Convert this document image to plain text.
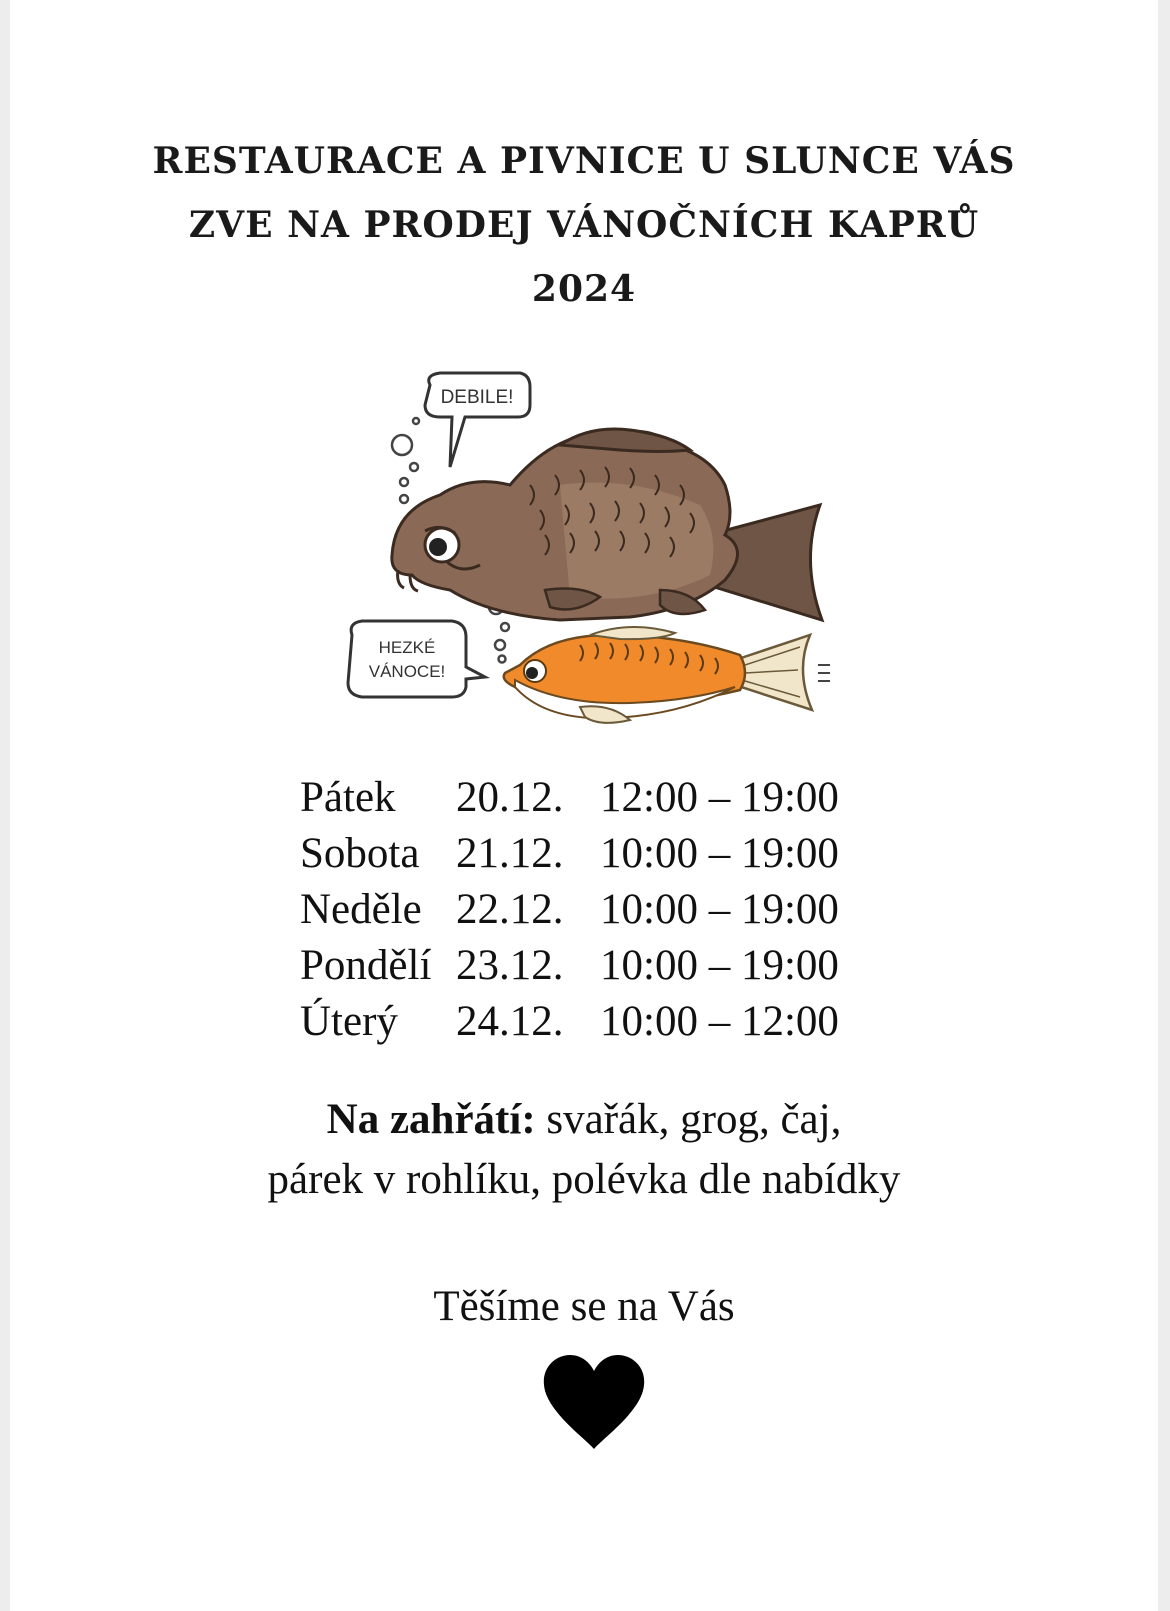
RESTAURACE A PIVNICE U SLUNCE VÁS
ZVE NA PRODEJ VÁNOČNÍCH KAPRŮ
2024
DEBILE!
HEZKÉ
VÁNOCE!
Pátek 20.12. 12:00 – 19:00
Sobota 21.12. 10:00 – 19:00
Neděle 22.12. 10:00 – 19:00
Pondělí 23.12. 10:00 – 19:00
Úterý 24.12. 10:00 – 12:00
Na zahřátí: svařák, grog, čaj,
párek v rohlíku, polévka dle nabídky
Těšíme se na Vás
